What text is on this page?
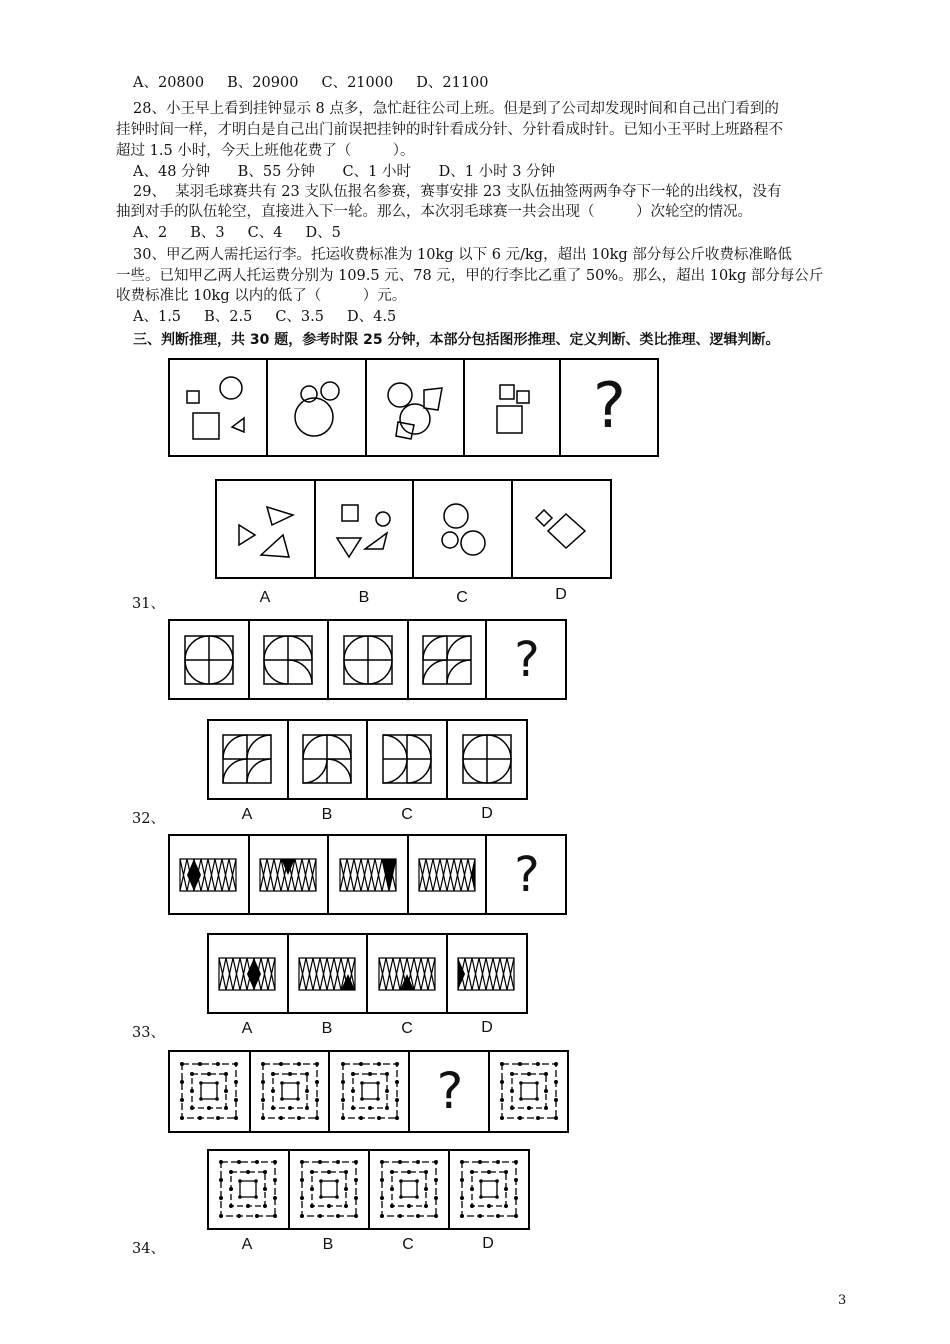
A、20800     B、20900     C、21000     D、21100
28、小王早上看到挂钟显示 8 点多，急忙赶往公司上班。但是到了公司却发现时间和自己出门看到的
挂钟时间一样，才明白是自己出门前误把挂钟的时针看成分针、分针看成时针。已知小王平时上班路程不
超过 1.5 小时，今天上班他花费了（         ）。
A、48 分钟      B、55 分钟      C、1 小时      D、1 小时 3 分钟
29、  某羽毛球赛共有 23 支队伍报名参赛，赛事安排 23 支队伍抽签两两争夺下一轮的出线权，没有
抽到对手的队伍轮空，直接进入下一轮。那么，本次羽毛球赛一共会出现（         ）次轮空的情况。
A、2     B、3     C、4     D、5
30、甲乙两人需托运行李。托运收费标准为 10kg 以下 6 元/kg，超出 10kg 部分每公斤收费标准略低
一些。已知甲乙两人托运费分别为 109.5 元、78 元，甲的行李比乙重了 50%。那么，超出 10kg 部分每公斤
收费标准比 10kg 以内的低了（         ）元。
A、1.5     B、2.5     C、3.5     D、4.5
三、判断推理，共 30 题，参考时限 25 分钟，本部分包括图形推理、定义判断、类比推理、逻辑判断。
?
A	B	C	D
31、
?
A	B	C	D
32、
?
A	B	C	D
33、
?
A	B	C	D
34、
3
